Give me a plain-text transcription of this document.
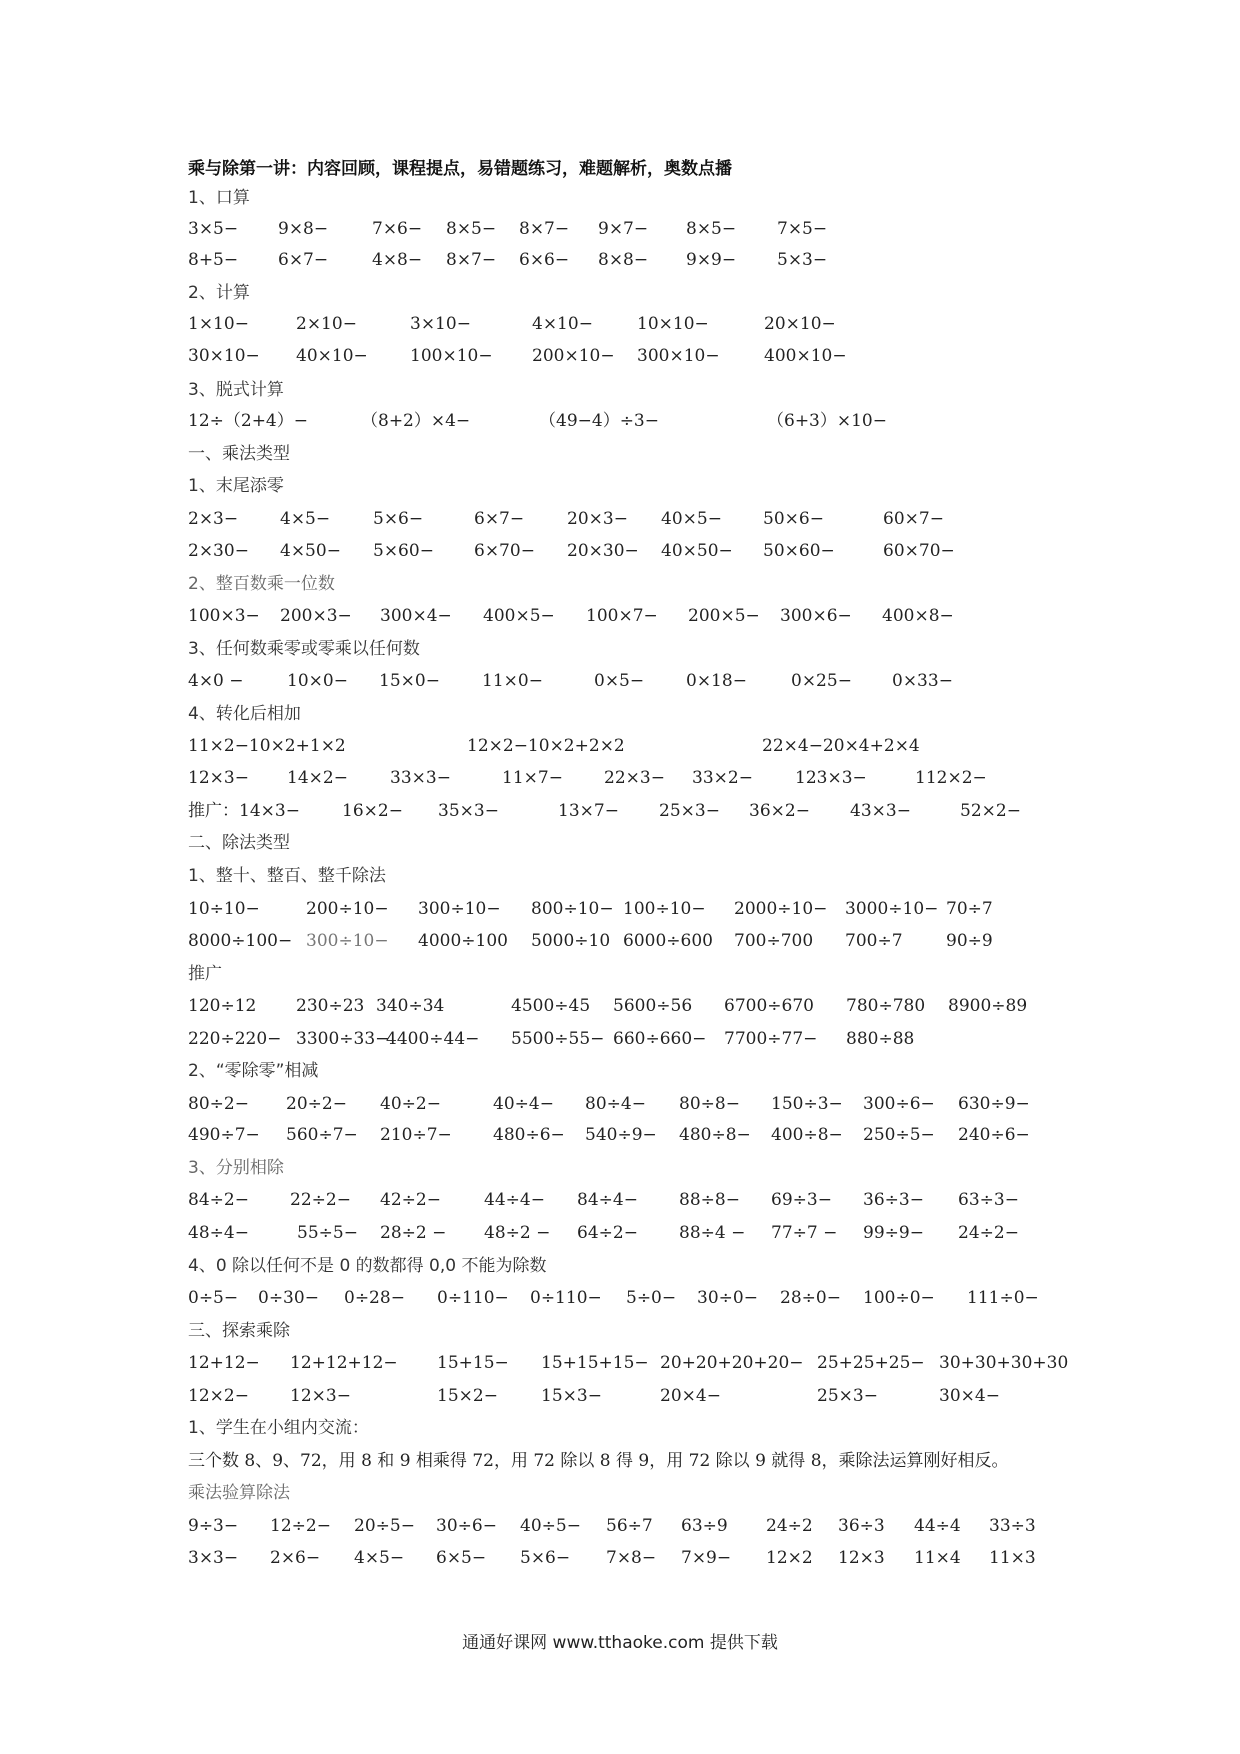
乘与除第一讲：内容回顾，课程提点，易错题练习，难题解析，奥数点播
1、口算
3×5− 9×8−	7×6− 8×5− 8×7− 9×7− 8×5− 7×5−
8+5− 6×7−	4×8− 8×7− 6×6− 8×8− 9×9− 5×3−
2、计算
1×10−	2×10−	3×10−	4×10−	10×10−	20×10−
30×10− 40×10− 100×10− 200×10− 300×10−	400×10−
3、脱式计算
12÷（2+4）−	（8+2）×4−	（49−4）÷3−	（6+3）×10−
一、乘法类型
1、末尾添零
2×3− 4×5−	5×6−	6×7−	20×3− 40×5− 50×6−	60×7−
2×30− 4×50− 5×60− 6×70− 20×30− 40×50− 50×60−	60×70−
2、整百数乘一位数
100×3− 200×3− 300×4− 400×5− 100×7− 200×5− 300×6− 400×8−
3、任何数乘零或零乘以任何数
4×0 −	10×0− 15×0− 11×0−	0×5− 0×18−	0×25− 0×33−
4、转化后相加
11×2−10×2+1×2	12×2−10×2+2×2	22×4−20×4+2×4
12×3− 14×2− 33×3−	11×7− 22×3− 33×2− 123×3−	112×2−
推广：14×3− 16×2− 35×3−	13×7− 25×3− 36×2− 43×3−	52×2−
二、除法类型
1、整十、整百、整千除法
10÷10−	200÷10− 300÷10− 800÷10− 100÷10− 2000÷10− 3000÷10− 70÷7
8000÷100− 300÷10− 4000÷100 5000÷10 6000÷600 700÷700 700÷7	90÷9
推广
120÷12 230÷23 340÷34	4500÷45 5600÷56 6700÷670 780÷780 8900÷89
220÷220− 3300÷33−
4400÷44− 5500÷55− 660÷660− 7700÷77− 880÷88
2、“零除零”相减
80÷2− 20÷2− 40÷2−	40÷4− 80÷4− 80÷8− 150÷3− 300÷6− 630÷9−
490÷7− 560÷7− 210÷7− 480÷6− 540÷9− 480÷8− 400÷8− 250÷5− 240÷6−
3、分别相除
84÷2− 22÷2− 42÷2−	44÷4− 84÷4− 88÷8− 69÷3− 36÷3− 63÷3−
48÷4−	55÷5− 28÷2 − 48÷2 − 64÷2− 88÷4 − 77÷7 − 99÷9− 24÷2−
4、0 除以任何不是 0 的数都得 0,0 不能为除数
0÷5− 0÷30− 0÷28− 0÷110− 0÷110− 5÷0− 30÷0− 28÷0− 100÷0− 111÷0−
三、探索乘除
12+12− 12+12+12− 15+15− 15+15+15− 20+20+20+20− 25+25+25− 30+30+30+30
12×2− 12×3−	15×2−	15×3−	20×4−	25×3−	30×4−
1、学生在小组内交流：
三个数 8、9、72，用 8 和 9 相乘得 72，用 72 除以 8 得 9，用 72 除以 9 就得 8，乘除法运算刚好相反。
乘法验算除法
9÷3− 12÷2− 20÷5− 30÷6− 40÷5− 56÷7 63÷9 24÷2 36÷3 44÷4 33÷3
3×3− 2×6− 4×5− 6×5− 5×6− 7×8− 7×9− 12×2 12×3 11×4 11×3
通通好课网 www.tthaoke.com 提供下载
